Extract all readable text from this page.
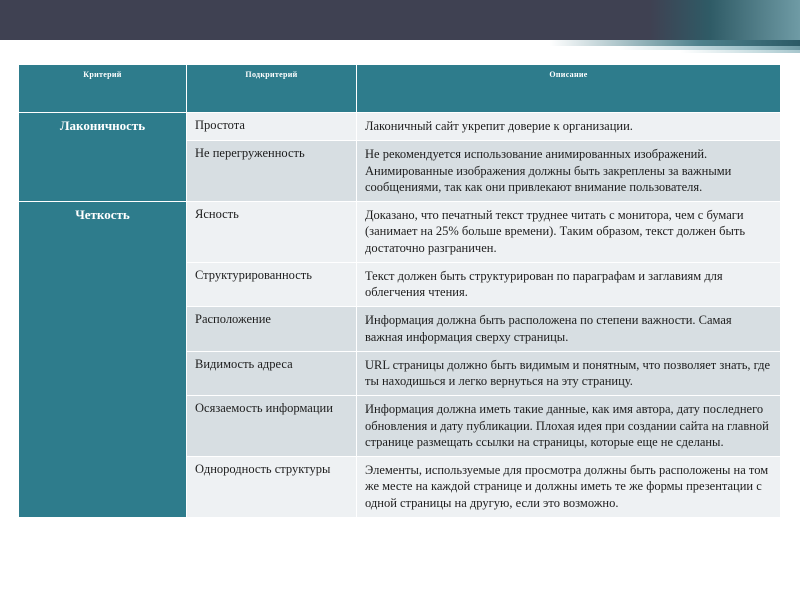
Критерий	Подкритерий	Описание
Лаконичность	Простота	Лаконичный сайт укрепит доверие к организации.
	Не перегруженность	Не рекомендуется использование анимированных изображений. Анимированные изображения должны быть закреплены за важными сообщениями, так как они привлекают внимание пользователя.
Четкость	Ясность	Доказано, что печатный текст труднее читать с монитора, чем с бумаги (занимает на 25% больше времени). Таким образом, текст должен быть достаточно разграничен.
	Структурированность	Текст должен быть структурирован по параграфам и заглавиям для облегчения чтения.
	Расположение	Информация должна быть расположена по степени важности. Самая важная информация сверху страницы.
	Видимость адреса	URL страницы должно быть видимым и понятным, что позволяет знать, где ты находишься и легко вернуться на эту страницу.
	Осязаемость информации	Информация должна иметь такие данные, как имя автора, дату последнего обновления и дату публикации. Плохая идея при создании сайта на главной странице размещать ссылки на страницы, которые еще не сделаны.
	Однородность структуры	Элементы, используемые для просмотра должны быть расположены на том же месте на каждой странице и должны иметь те же формы презентации с одной страницы на другую, если это возможно.
